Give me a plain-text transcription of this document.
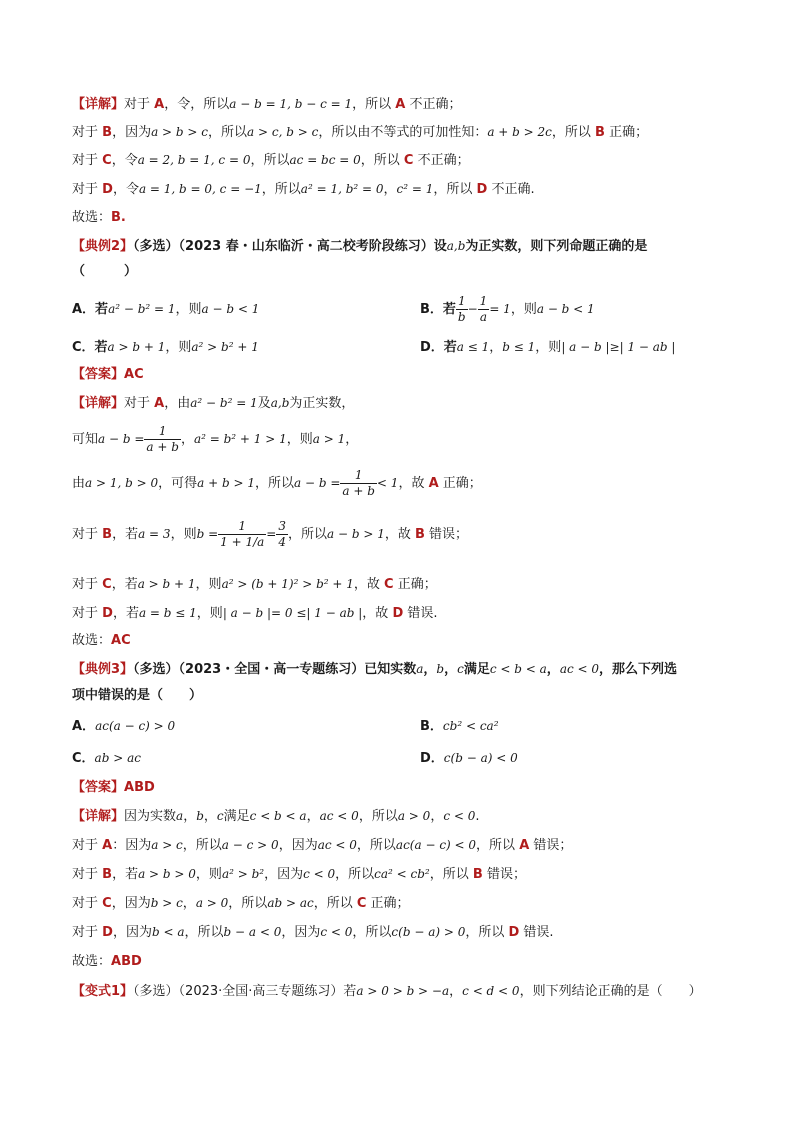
【详解】对于 A，令，所以a − b = 1, b − c = 1，所以 A 不正确；
对于 B，因为a > b > c，所以a > c, b > c，所以由不等式的可加性知：a + b > 2c，所以 B 正确；
对于 C，令a = 2, b = 1, c = 0，所以ac = bc = 0，所以 C 不正确；
对于 D，令a = 1, b = 0, c = −1，所以a² = 1, b² = 0，c² = 1，所以 D 不正确.
故选：B.
【典例2】（多选）（2023 春・山东临沂・高二校考阶段练习）设a,b为正实数，则下列命题正确的是
（　　　）
A．若a² − b² = 1，则a − b < 1	B．若 $\frac{1}{b} - \frac{1}{a} = 1$，则a − b < 1
C．若a > b + 1，则a² > b² + 1	D．若a ≤ 1，b ≤ 1，则| a − b |≥| 1 − ab |
【答案】AC
【详解】对于 A，由a² − b² = 1及a,b为正实数，
可知$a - b = \frac{1}{a + b}$ ，a² = b² + 1 > 1，则a > 1，
由a > 1, b > 0，可得a + b > 1，所以$a - b = \frac{1}{a + b} < 1$，故 A 正确；
对于 B，若a = 3，则$b = \frac{1}{1 + 1/a} = \frac{3}{4}$ ，所以a − b > 1，故 B 错误；
对于 C，若a > b + 1，则a² > (b + 1)² > b² + 1，故 C 正确；
对于 D，若a = b ≤ 1，则| a − b |= 0 ≤| 1 − ab |，故 D 错误.
故选：AC
【典例3】（多选）（2023・全国・高一专题练习）已知实数a，b，c满足c < b < a，ac < 0，那么下列选
项中错误的是（　　）
A．ac(a − c) > 0	B．cb² < ca²
C．ab > ac	D．c(b − a) < 0
【答案】ABD
【详解】因为实数a，b，c满足c < b < a，ac < 0，所以a > 0，c < 0.
对于 A：因为a > c，所以a − c > 0，因为ac < 0，所以ac(a − c) < 0，所以 A 错误；
对于 B，若a > b > 0，则a² > b²，因为c < 0，所以ca² < cb²，所以 B 错误；
对于 C，因为b > c，a > 0，所以ab > ac，所以 C 正确；
对于 D，因为b < a，所以b − a < 0，因为c < 0，所以c(b − a) > 0，所以 D 错误.
故选：ABD
【变式1】（多选）（2023·全国·高三专题练习）若a > 0 > b > −a，c < d < 0，则下列结论正确的是（　　）
